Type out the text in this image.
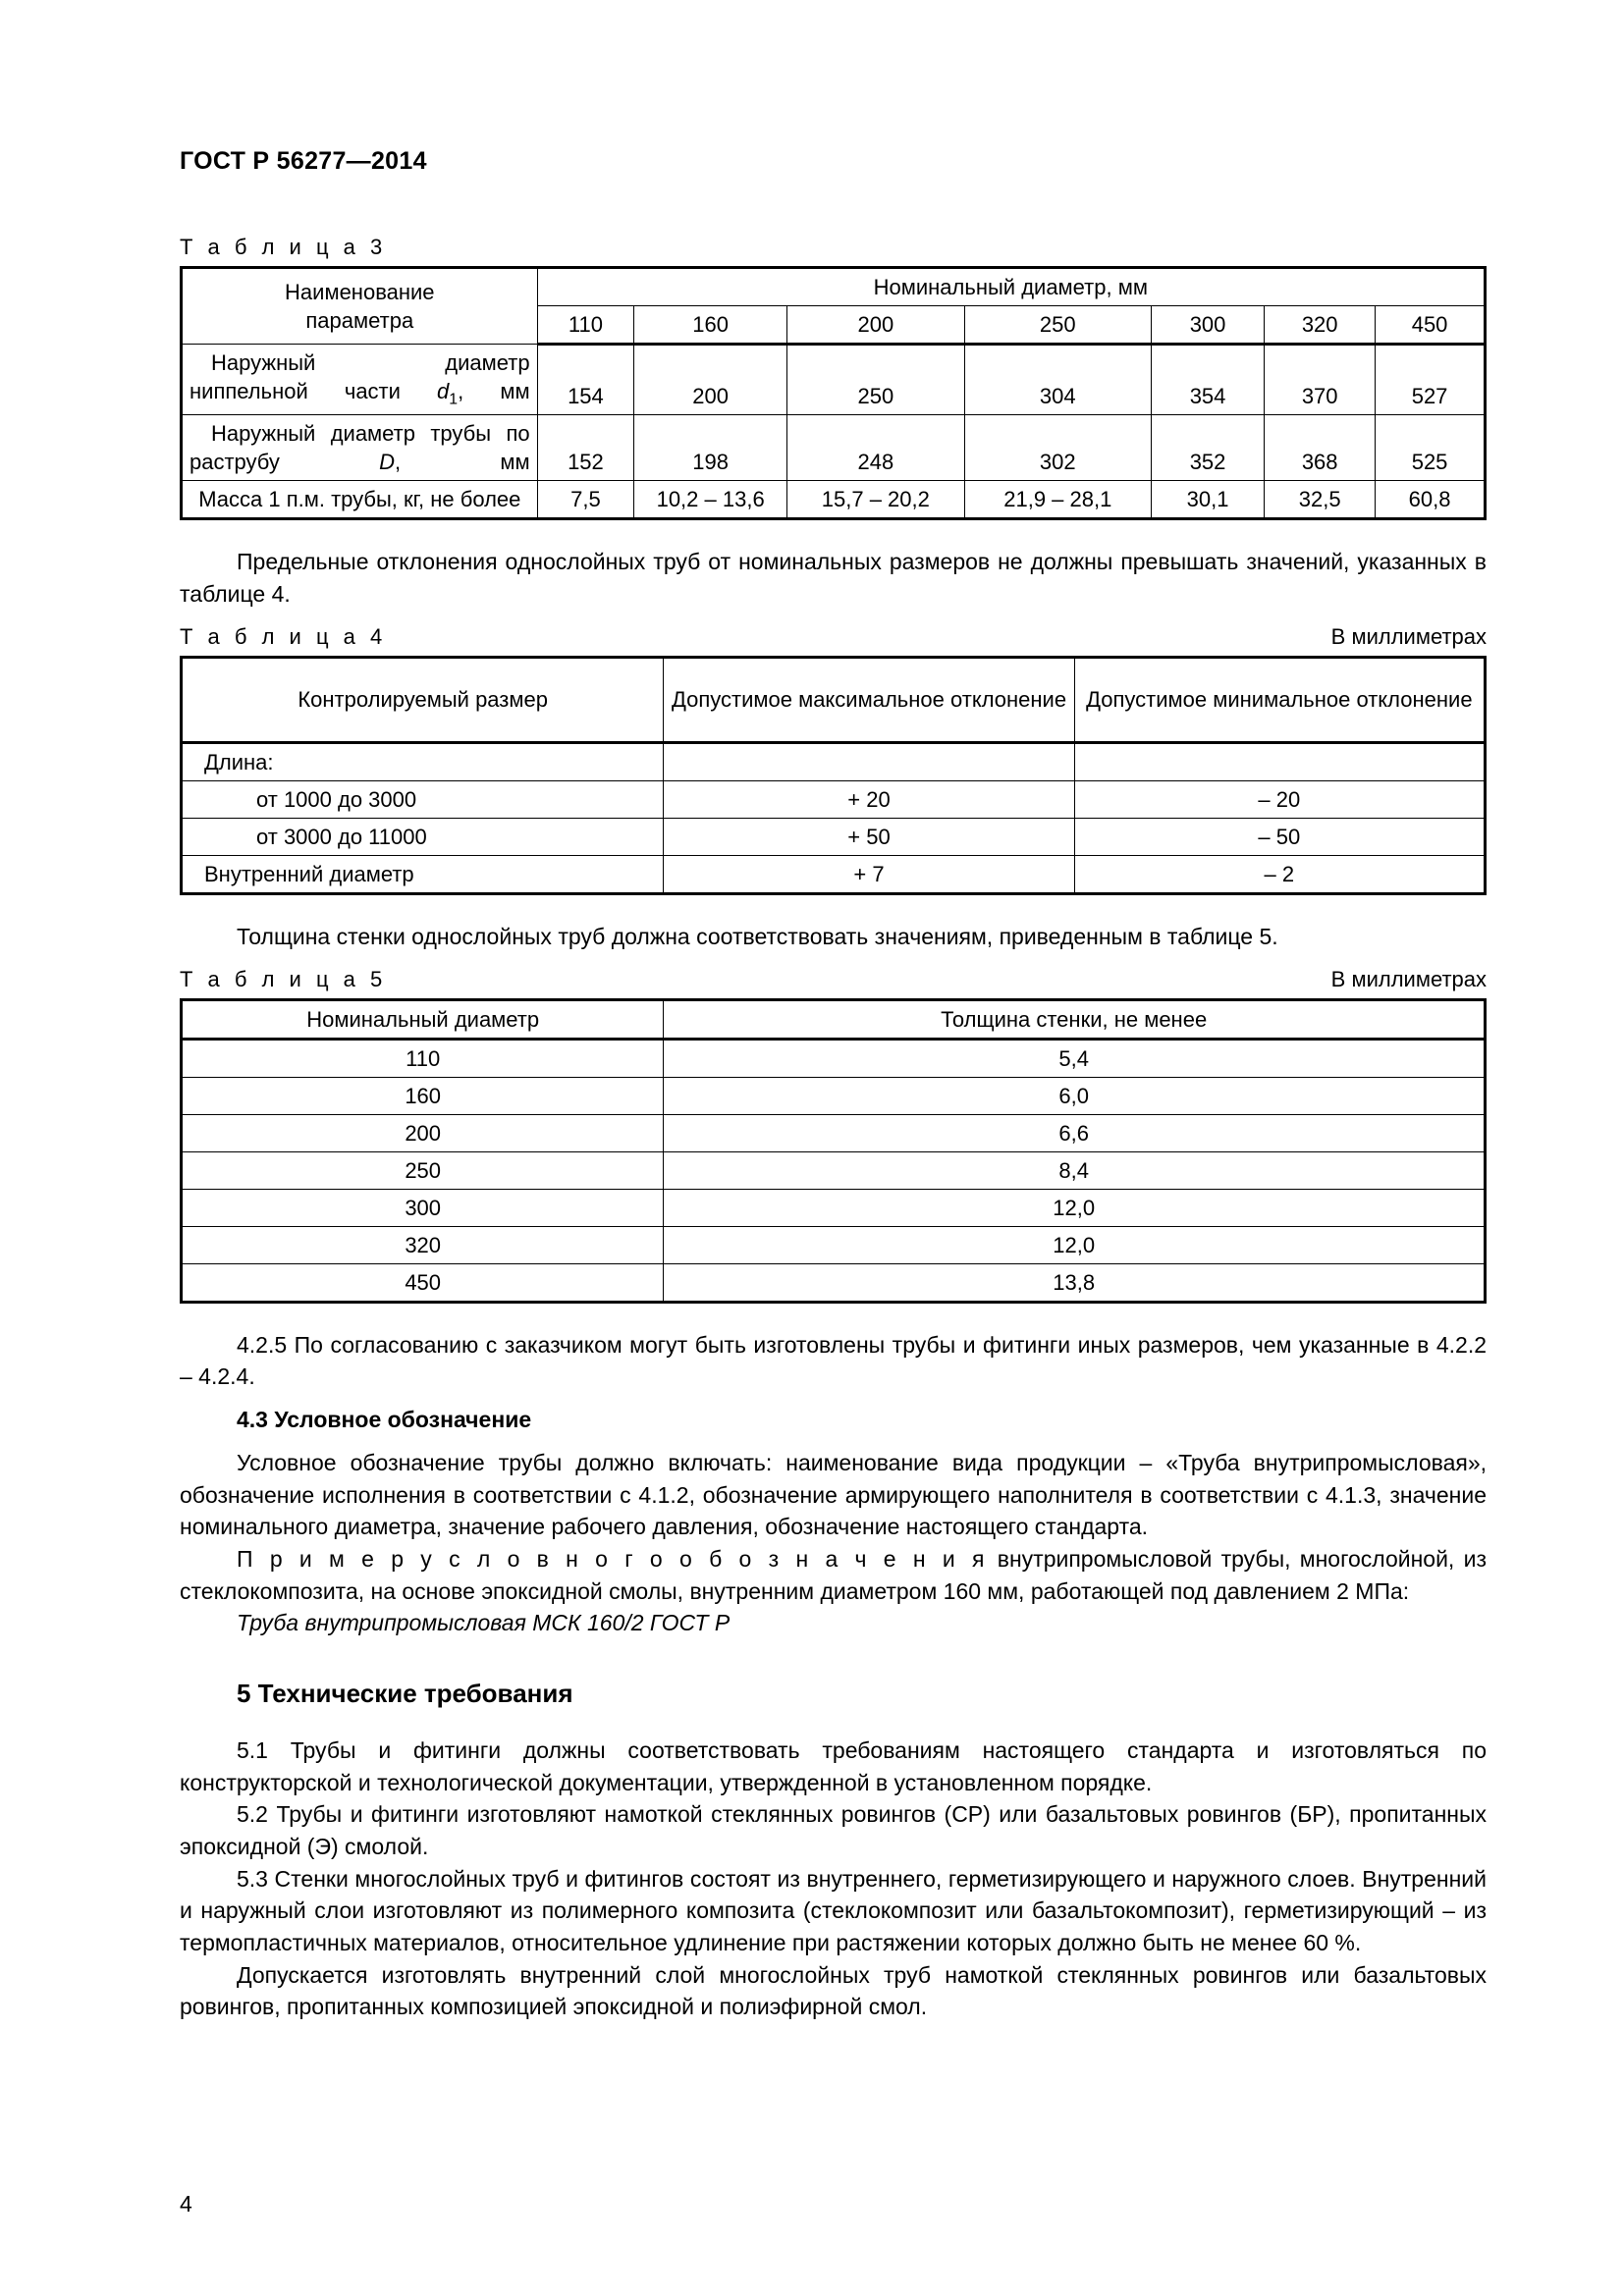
ГОСТ Р 56277—2014
Т а б л и ц а 3
Наименование
параметра	Номинальный диаметр, мм						
	110	160	200	250	300	320	450
Наружный диаметр ниппельной части $d_1$, мм	154	200	250	304	354	370	527
Наружный диаметр трубы по раструбу D, мм	152	198	248	302	352	368	525
Масса 1 п.м. трубы, кг, не более	7,5	10,2 – 13,6	15,7 – 20,2	21,9 – 28,1	30,1	32,5	60,8

Предельные отклонения однослойных труб от номинальных размеров не должны превышать значений, указанных в таблице 4.

Т а б л и ц а 4	В миллиметрах
Контролируемый размер	Допустимое максимальное отклонение	Допустимое минимальное отклонение
Длина:		
от 1000 до 3000	+ 20	– 20
от 3000 до 11000	+ 50	– 50
Внутренний диаметр	+ 7	– 2

Толщина стенки однослойных труб должна соответствовать значениям, приведенным в таблице 5.

Т а б л и ц а 5	В миллиметрах
Номинальный диаметр	Толщина стенки, не менее
110	5,4
160	6,0
200	6,6
250	8,4
300	12,0
320	12,0
450	13,8

4.2.5 По согласованию с заказчиком могут быть изготовлены трубы и фитинги иных размеров, чем указанные в 4.2.2 – 4.2.4.

4.3 Условное обозначение

Условное обозначение трубы должно включать: наименование вида продукции – «Труба внутрипромысловая», обозначение исполнения в соответствии с 4.1.2, обозначение армирующего наполнителя в соответствии с 4.1.3, значение номинального диаметра, значение рабочего давления, обозначение настоящего стандарта.

П р и м е р у с л о в н о г о о б о з н а ч е н и я внутрипромысловой трубы, многослойной, из стеклокомпозита, на основе эпоксидной смолы, внутренним диаметром 160 мм, работающей под давлением 2 МПа:

Труба внутрипромысловая МСК 160/2 ГОСТ Р

5 Технические требования

5.1 Трубы и фитинги должны соответствовать требованиям настоящего стандарта и изготовляться по конструкторской и технологической документации, утвержденной в установленном порядке.

5.2 Трубы и фитинги изготовляют намоткой стеклянных ровингов (СР) или базальтовых ровингов (БР), пропитанных эпоксидной (Э) смолой.

5.3 Стенки многослойных труб и фитингов состоят из внутреннего, герметизирующего и наружного слоев. Внутренний и наружный слои изготовляют из полимерного композита (стеклокомпозит или базальтокомпозит), герметизирующий – из термопластичных материалов, относительное удлинение при растяжении которых должно быть не менее 60 %.

Допускается изготовлять внутренний слой многослойных труб намоткой стеклянных ровингов или базальтовых ровингов, пропитанных композицией эпоксидной и полиэфирной смол.

4
